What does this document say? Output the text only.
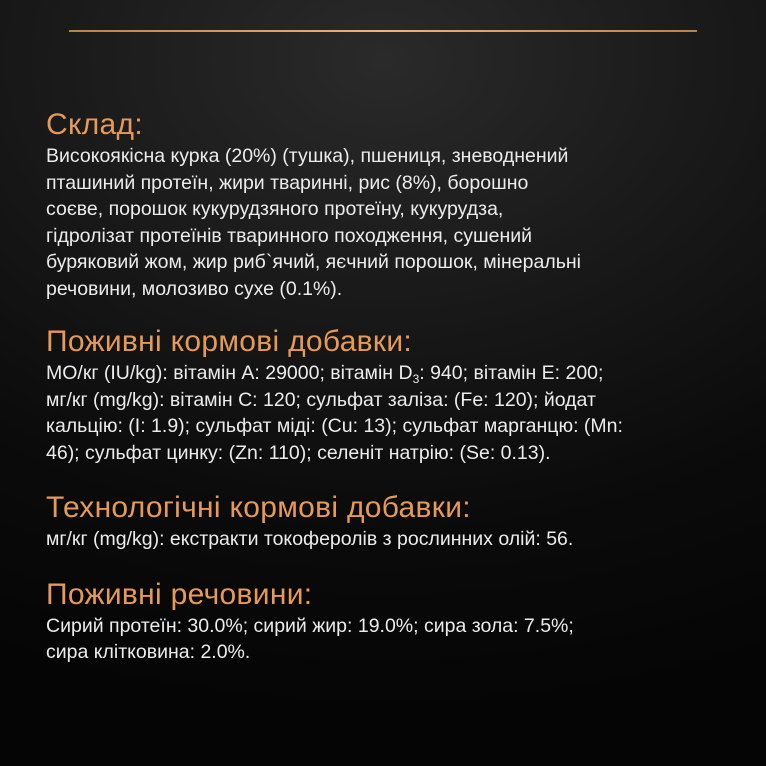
Склад:
Високоякісна курка (20%) (тушка), пшениця, зневоднений
пташиний протеїн, жири тваринні, рис (8%), борошно
соєве, порошок кукурудзяного протеїну, кукурудза,
гідролізат протеїнів тваринного походження, сушений
буряковий жом, жир риб`ячий, яєчний порошок, мінеральні
речовини, молозиво сухе (0.1%).
Поживні кормові добавки:
МО/кг (IU/kg): вітамін А: 29000; вітамін $D_3$: 940; вітамін Е: 200;
мг/кг (mg/kg): вітамін С: 120; сульфат заліза: (Fe: 120); йодат
кальцію: (I: 1.9); сульфат міді: (Cu: 13); сульфат марганцю: (Mn:
46); сульфат цинку: (Zn: 110); селеніт натрію: (Se: 0.13).
Технологічні кормові добавки:
мг/кг (mg/kg): екстракти токоферолів з рослинних олій: 56.
Поживні речовини:
Сирий протеїн: 30.0%; сирий жир: 19.0%; сира зола: 7.5%;
сира клітковина: 2.0%.
